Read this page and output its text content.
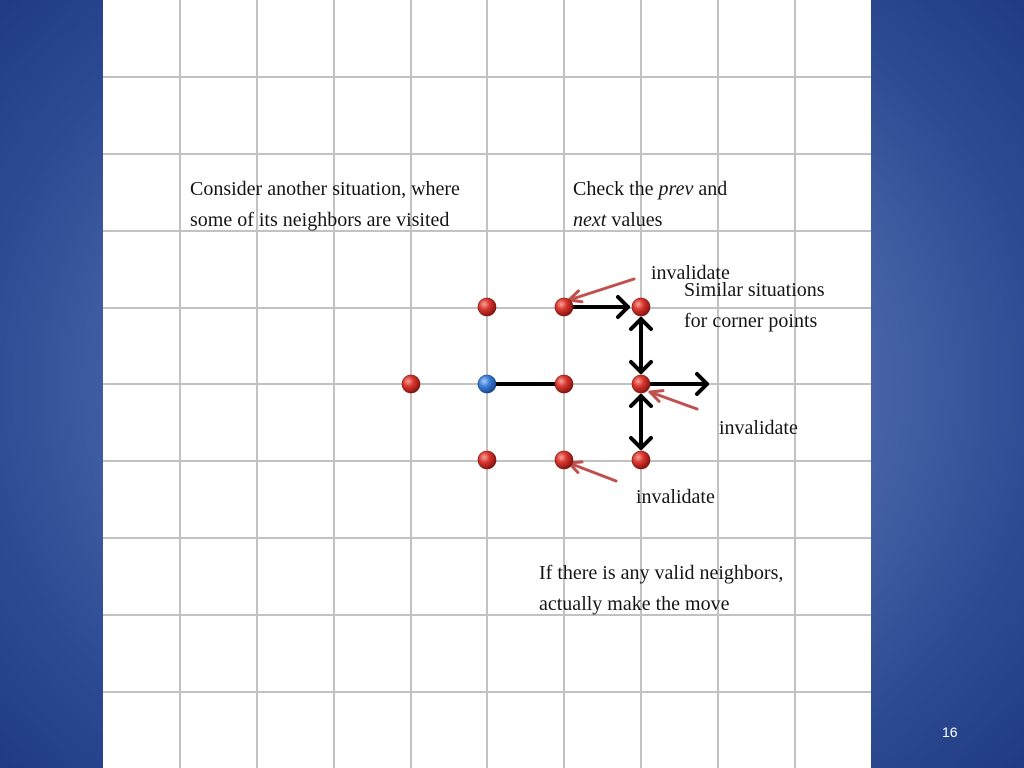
Consider another situation, where some of its neighbors are visited
Check the prev and
next values
invalidate
Similar situations for corner points
invalidate
invalidate
If there is any valid neighbors, actually make the move
16
